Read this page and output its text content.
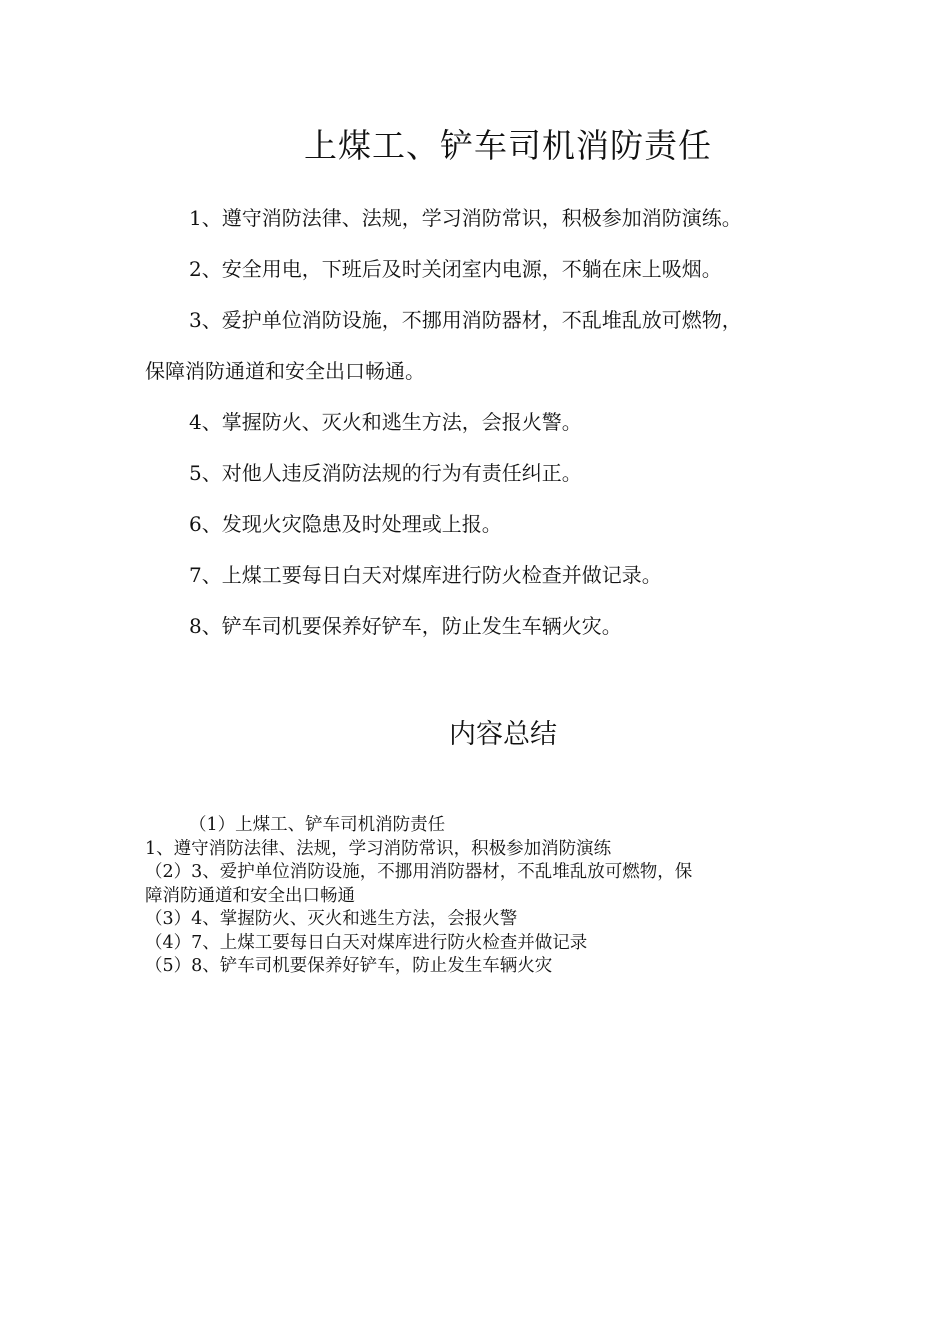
上煤工、铲车司机消防责任

1、遵守消防法律、法规，学习消防常识，积极参加消防演练。

2、安全用电，下班后及时关闭室内电源，不躺在床上吸烟。

3、爱护单位消防设施，不挪用消防器材，不乱堆乱放可燃物，

保障消防通道和安全出口畅通。

4、掌握防火、灭火和逃生方法，会报火警。

5、对他人违反消防法规的行为有责任纠正。

6、发现火灾隐患及时处理或上报。

7、上煤工要每日白天对煤库进行防火检查并做记录。

8、铲车司机要保养好铲车，防止发生车辆火灾。

内容总结
（1）上煤工、铲车司机消防责任
1、遵守消防法律、法规，学习消防常识，积极参加消防演练
（2）3、爱护单位消防设施，不挪用消防器材，不乱堆乱放可燃物，保
障消防通道和安全出口畅通
（3）4、掌握防火、灭火和逃生方法，会报火警
（4）7、上煤工要每日白天对煤库进行防火检查并做记录
（5）8、铲车司机要保养好铲车，防止发生车辆火灾
